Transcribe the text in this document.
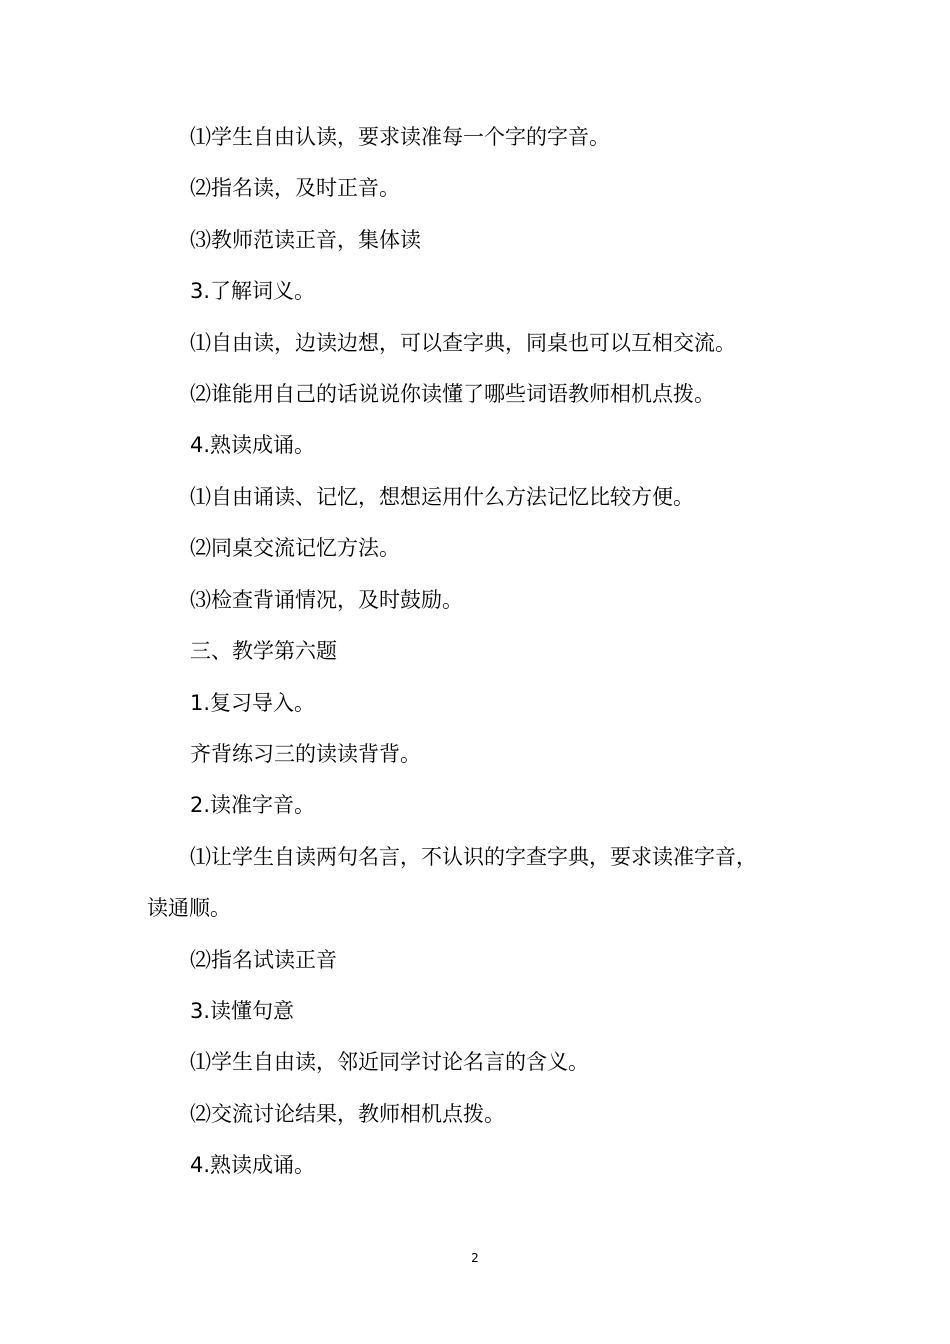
⑴学生自由认读，要求读准每一个字的字音。
⑵指名读，及时正音。
⑶教师范读正音，集体读
3.了解词义。
⑴自由读，边读边想，可以查字典，同桌也可以互相交流。
⑵谁能用自己的话说说你读懂了哪些词语教师相机点拨。
4.熟读成诵。
⑴自由诵读、记忆，想想运用什么方法记忆比较方便。
⑵同桌交流记忆方法。
⑶检查背诵情况，及时鼓励。
三、教学第六题
1.复习导入。
齐背练习三的读读背背。
2.读准字音。
⑴让学生自读两句名言，不认识的字查字典，要求读准字音，
读通顺。
⑵指名试读正音
3.读懂句意
⑴学生自由读，邻近同学讨论名言的含义。
⑵交流讨论结果，教师相机点拨。
4.熟读成诵。
2
